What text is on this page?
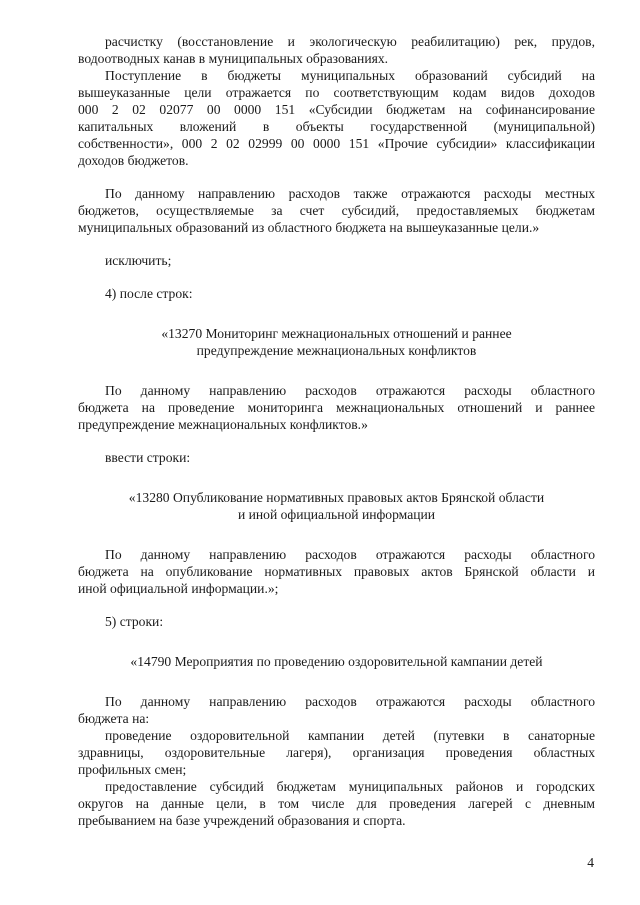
расчистку (восстановление и экологическую реабилитацию) рек, прудов,

водоотводных канав в муниципальных образованиях.

Поступление в бюджеты муниципальных образований субсидий на

вышеуказанные цели отражается по соответствующим кодам видов доходов

000 2 02 02077 00 0000 151 «Субсидии бюджетам на софинансирование

капитальных вложений в объекты государственной (муниципальной)

собственности», 000 2 02 02999 00 0000 151 «Прочие субсидии» классификации

доходов бюджетов.

По данному направлению расходов также отражаются расходы местных

бюджетов, осуществляемые за счет субсидий, предоставляемых бюджетам

муниципальных образований из областного бюджета на вышеуказанные цели.»

исключить;

4) после строк:

«13270 Мониторинг межнациональных отношений и раннее

предупреждение межнациональных конфликтов

По данному направлению расходов отражаются расходы областного

бюджета на проведение мониторинга межнациональных отношений и раннее

предупреждение межнациональных конфликтов.»

ввести строки:

«13280 Опубликование нормативных правовых актов Брянской области

и иной официальной информации

По данному направлению расходов отражаются расходы областного

бюджета на опубликование нормативных правовых актов Брянской области и

иной официальной информации.»;

5) строки:

«14790 Мероприятия по проведению оздоровительной кампании детей

По данному направлению расходов отражаются расходы областного

бюджета на:

проведение оздоровительной кампании детей (путевки в санаторные

здравницы, оздоровительные лагеря), организация проведения областных

профильных смен;

предоставление субсидий бюджетам муниципальных районов и городских

округов на данные цели, в том числе для проведения лагерей с дневным

пребыванием на базе учреждений образования и спорта.

4
